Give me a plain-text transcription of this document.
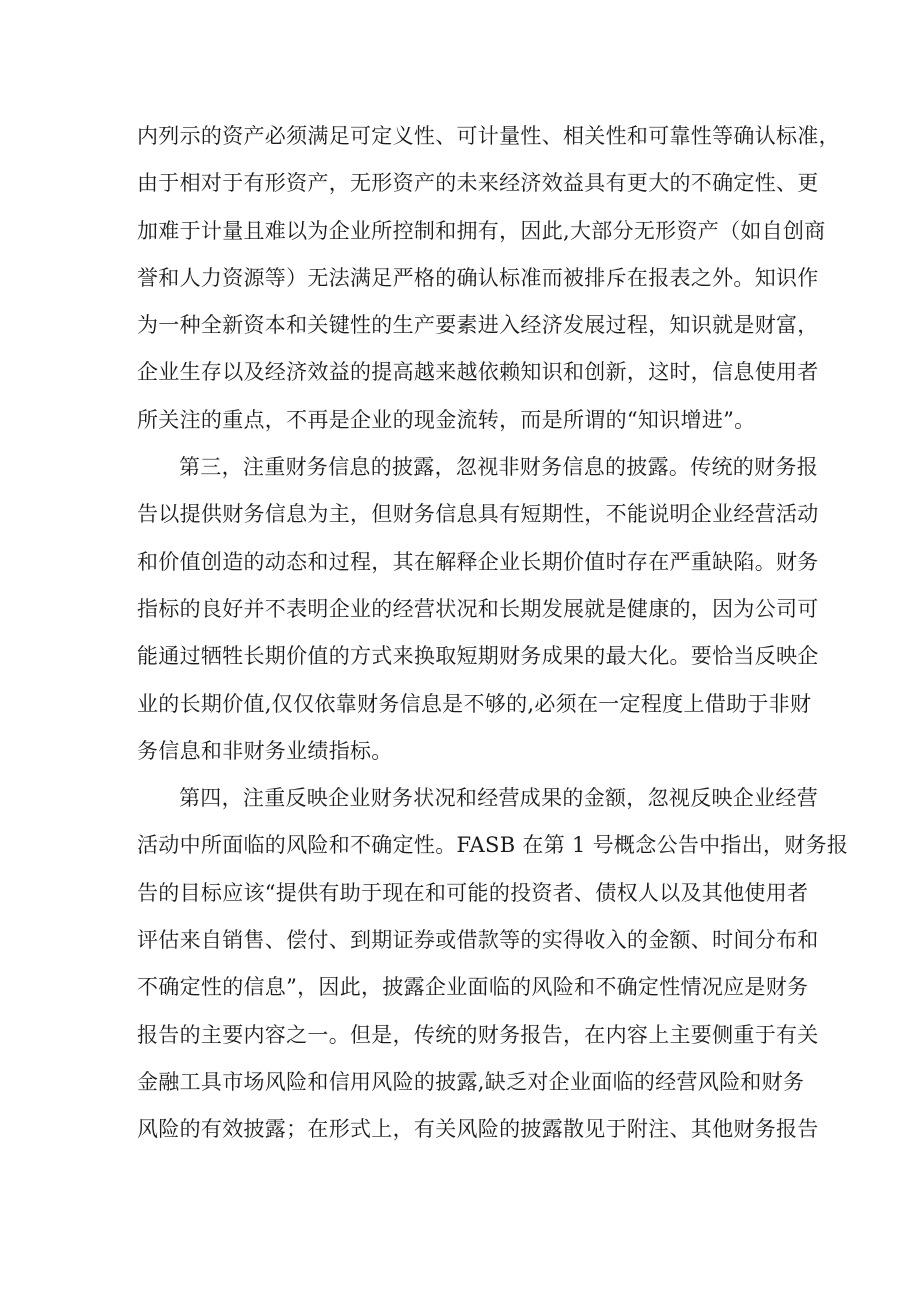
内列示的资产必须满足可定义性、可计量性、相关性和可靠性等确认标准，
由于相对于有形资产，无形资产的未来经济效益具有更大的不确定性、更
加难于计量且难以为企业所控制和拥有，因此,大部分无形资产（如自创商
誉和人力资源等）无法满足严格的确认标准而被排斥在报表之外。知识作
为一种全新资本和关键性的生产要素进入经济发展过程，知识就是财富，
企业生存以及经济效益的提高越来越依赖知识和创新，这时，信息使用者
所关注的重点，不再是企业的现金流转，而是所谓的“知识增进”。
第三，注重财务信息的披露，忽视非财务信息的披露。传统的财务报
告以提供财务信息为主，但财务信息具有短期性，不能说明企业经营活动
和价值创造的动态和过程，其在解释企业长期价值时存在严重缺陷。财务
指标的良好并不表明企业的经营状况和长期发展就是健康的，因为公司可
能通过牺牲长期价值的方式来换取短期财务成果的最大化。要恰当反映企
业的长期价值,仅仅依靠财务信息是不够的,必须在一定程度上借助于非财
务信息和非财务业绩指标。
第四，注重反映企业财务状况和经营成果的金额，忽视反映企业经营
活动中所面临的风险和不确定性。FASB 在第 1 号概念公告中指出，财务报
告的目标应该“提供有助于现在和可能的投资者、债权人以及其他使用者
评估来自销售、偿付、到期证券或借款等的实得收入的金额、时间分布和
不确定性的信息”，因此，披露企业面临的风险和不确定性情况应是财务
报告的主要内容之一。但是，传统的财务报告，在内容上主要侧重于有关
金融工具市场风险和信用风险的披露,缺乏对企业面临的经营风险和财务
风险的有效披露；在形式上，有关风险的披露散见于附注、其他财务报告
